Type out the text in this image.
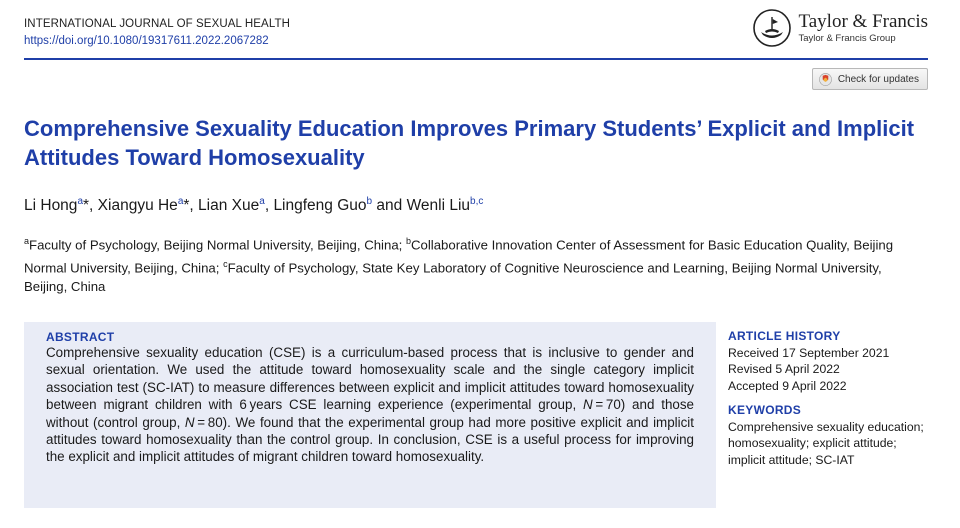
INTERNATIONAL JOURNAL OF SEXUAL HEALTH
https://doi.org/10.1080/19317611.2022.2067282
Taylor & Francis
Taylor & Francis Group
Check for updates
Comprehensive Sexuality Education Improves Primary Students’ Explicit and Implicit Attitudes Toward Homosexuality
Li Hong$^a$*, Xiangyu He$^a$*, Lian Xue$^a$, Lingfeng Guo$^b$ and Wenli Liu$^{b,c}$
$^a$Faculty of Psychology, Beijing Normal University, Beijing, China; $^b$Collaborative Innovation Center of Assessment for Basic Education Quality, Beijing Normal University, Beijing, China; $^c$Faculty of Psychology, State Key Laboratory of Cognitive Neuroscience and Learning, Beijing Normal University, Beijing, China
ABSTRACT
Comprehensive sexuality education (CSE) is a curriculum-based process that is inclusive to gender and sexual orientation. We used the attitude toward homosexuality scale and the single category implicit association test (SC-IAT) to measure differences between explicit and implicit attitudes toward homosexuality between migrant children with 6 years CSE learning experience (experimental group, N = 70) and those without (control group, N = 80). We found that the experimental group had more positive explicit and implicit attitudes toward homosexuality than the control group. In conclusion, CSE is a useful process for improving the explicit and implicit attitudes of migrant children toward homosexuality.

ARTICLE HISTORY

Received 17 September 2021
Revised 5 April 2022
Accepted 9 April 2022

KEYWORDS

Comprehensive sexuality education; homosexuality; explicit attitude; implicit attitude; SC-IAT
